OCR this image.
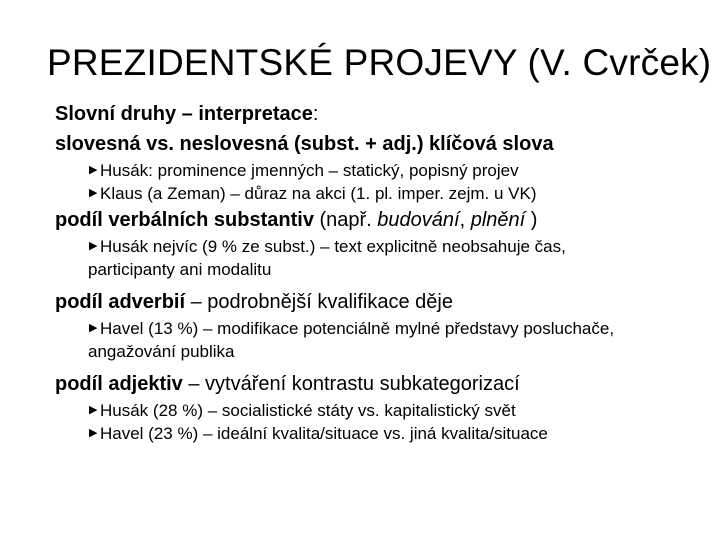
PREZIDENTSKÉ PROJEVY (V. Cvrček)
Slovní druhy – interpretace:
slovesná vs. neslovesná (subst. + adj.) klíčová slova
▶ Husák: prominence jmenných – statický, popisný projev
▶ Klaus (a Zeman) – důraz na akci (1. pl. imper. zejm. u VK)
podíl verbálních substantiv (např. budování, plnění )
▶ Husák nejvíc (9 % ze subst.) – text explicitně neobsahuje čas, participanty ani modalitu
podíl adverbií – podrobnější kvalifikace děje
▶ Havel (13 %) – modifikace potenciálně mylné představy posluchače, angažování publika
podíl adjektiv – vytváření kontrastu subkategorizací
▶ Husák (28 %) – socialistické státy vs. kapitalistický svět
▶ Havel (23 %) – ideální kvalita/situace vs. jiná kvalita/situace
